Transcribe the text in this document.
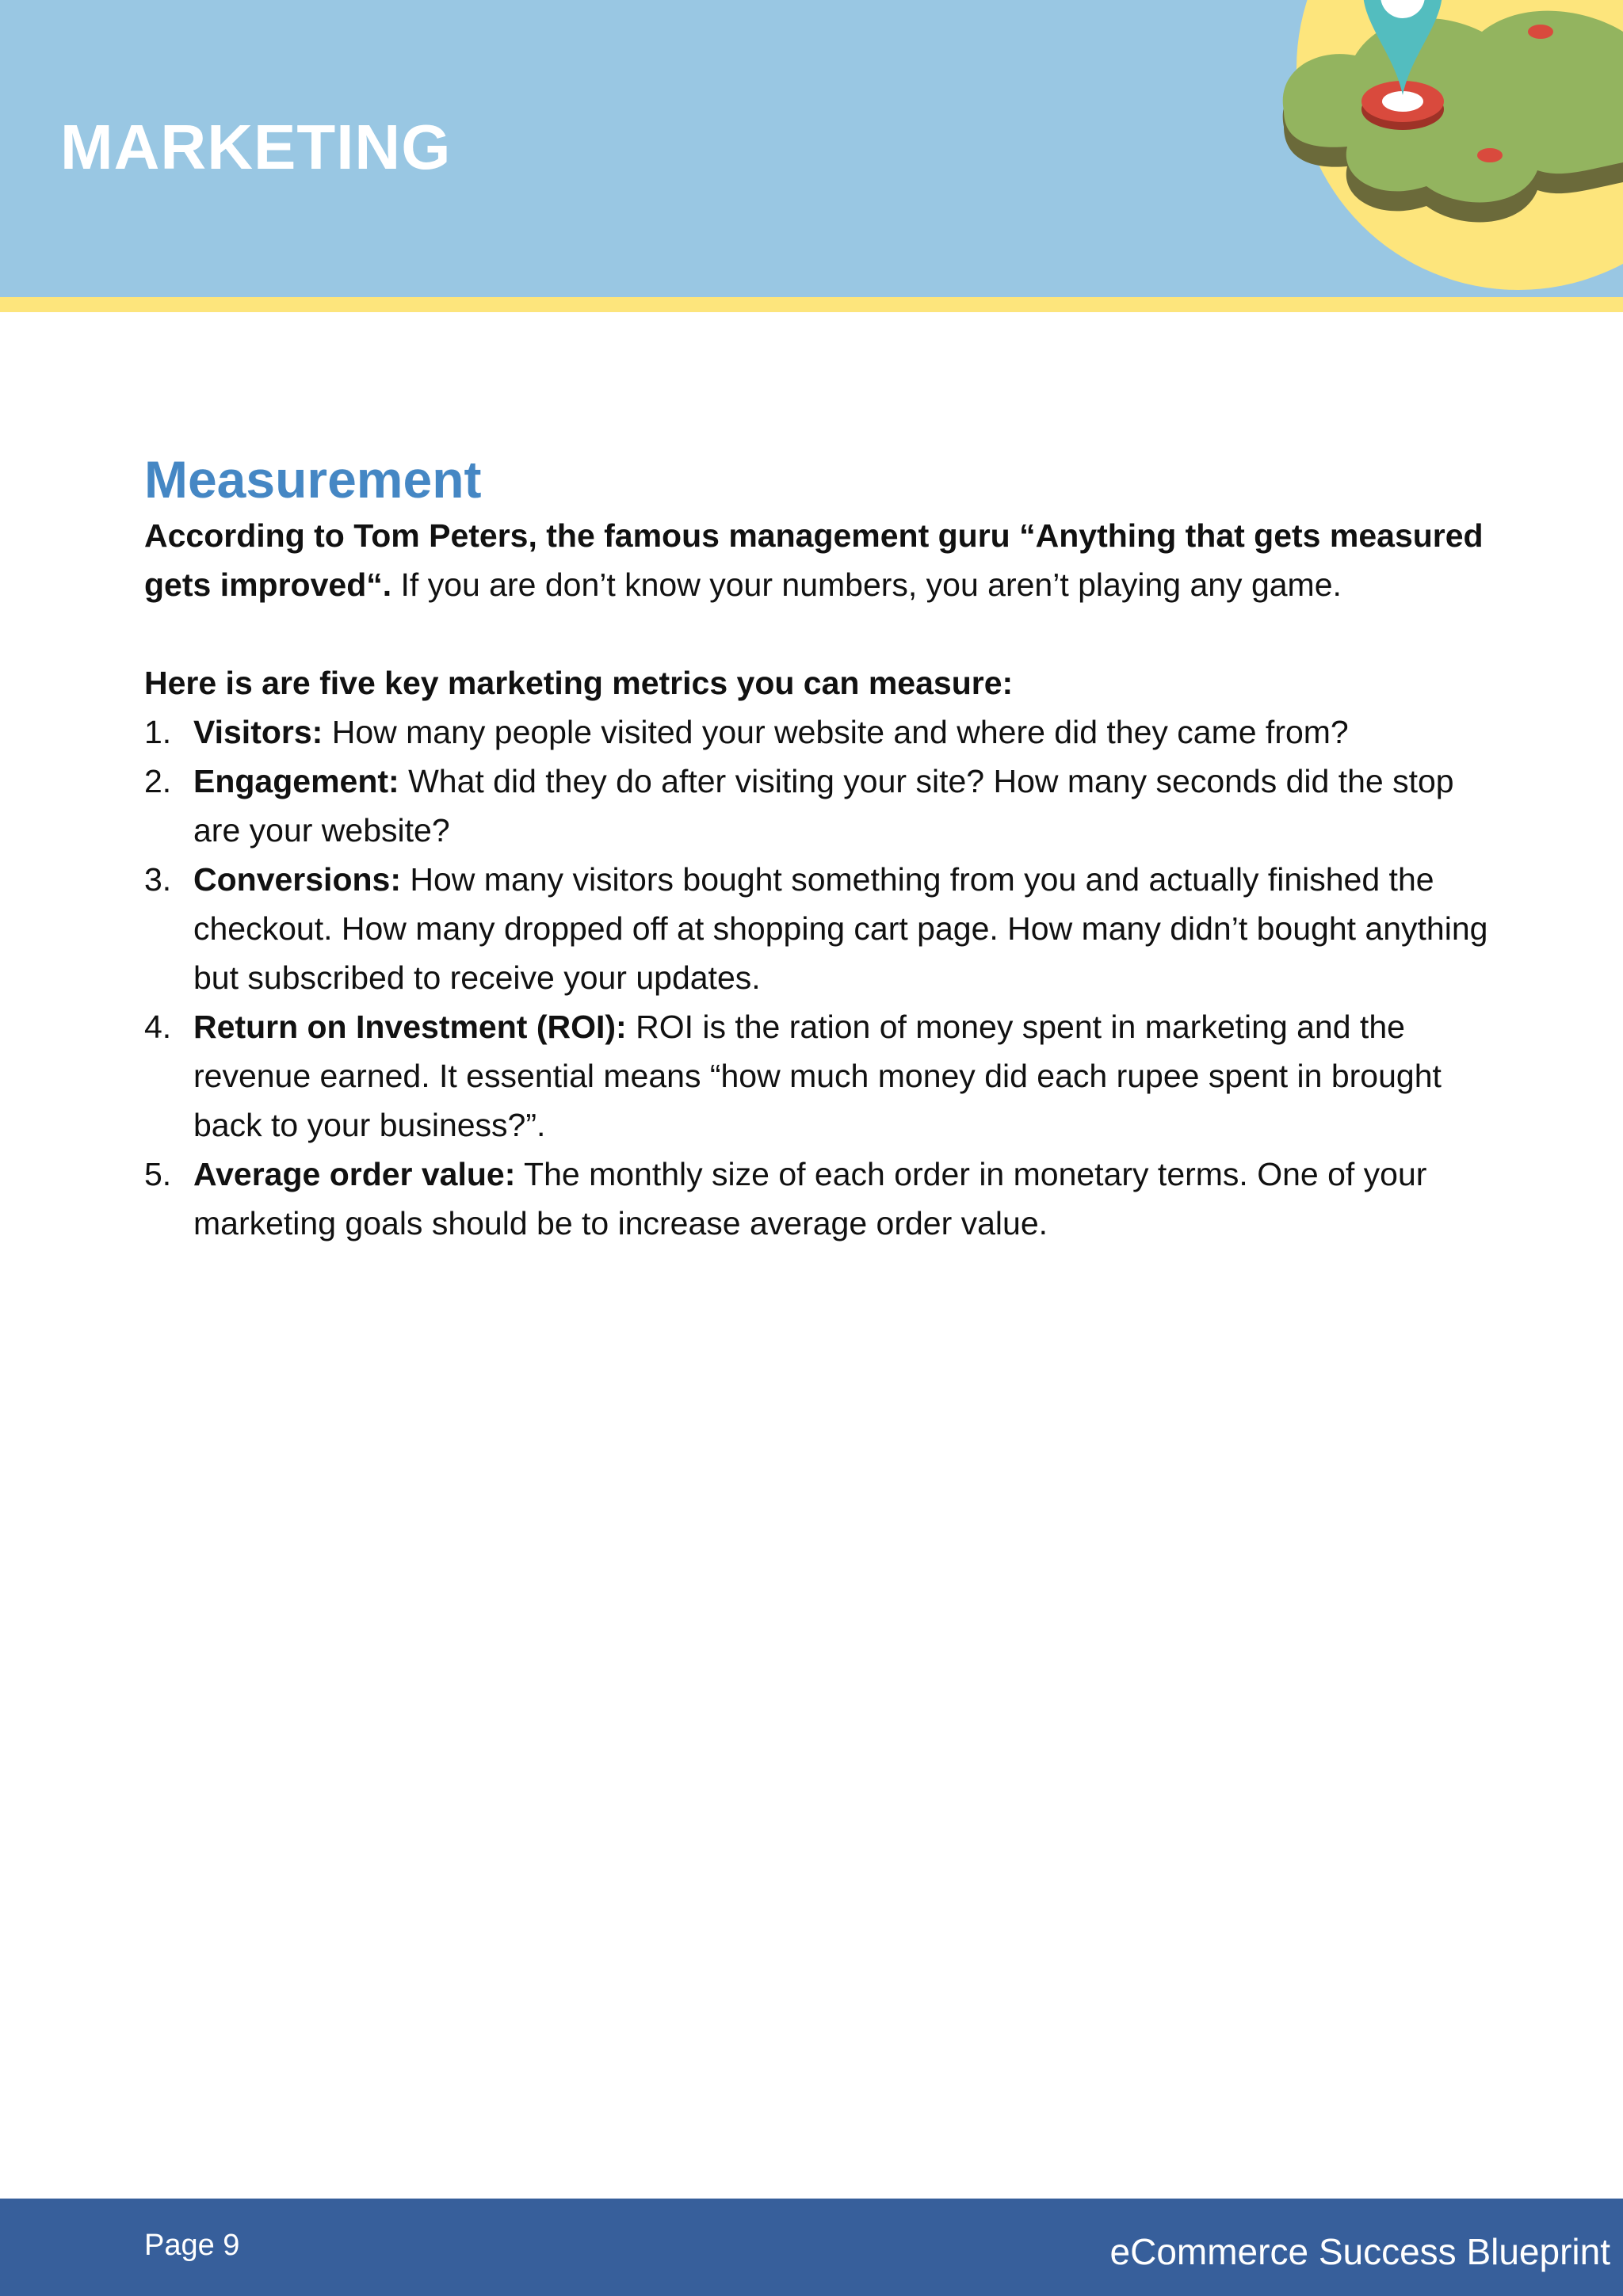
MARKETING
Measurement

According to Tom Peters, the famous management guru “Anything that gets measured gets improved“. If you are don’t know your numbers, you aren’t playing any game.

Here is are five key marketing metrics you can measure:

1. Visitors: How many people visited your website and where did they came from?
2. Engagement: What did they do after visiting your site? How many seconds did the stop are your website?
3. Conversions: How many visitors bought something from you and actually finished the checkout. How many dropped off at shopping cart page. How many didn’t bought anything but subscribed to receive your updates.
4. Return on Investment (ROI): ROI is the ration of money spent in marketing and the revenue earned. It essential means “how much money did each rupee spent in brought back to your business?”.
5. Average order value: The monthly size of each order in monetary terms. One of your marketing goals should be to increase average order value.
Page 9	eCommerce Success Blueprint
